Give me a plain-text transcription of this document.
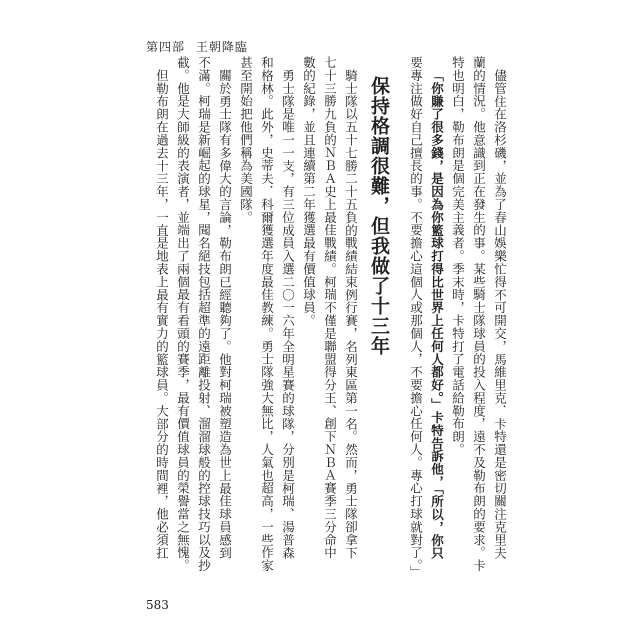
第四部 王朝降臨
儘管住在洛杉磯，並為了春山娛樂忙得不可開交，馬維里克．卡特還是密切關注克里夫
蘭的情況。他意識到正在發生的事。某些騎士隊球員的投入程度，遠不及勒布朗的要求。卡
特也明白，勒布朗是個完美主義者。季末時，卡特打了電話給勒布朗。
「你賺了很多錢，是因為你籃球打得比世界上任何人都好。」卡特告訴他，「所以，你只
要專注做好自己擅長的事。不要擔心這個人或那個人，不要擔心任何人。專心打球就對了。」
保持格調很難，但我做了十三年
騎士隊以五十七勝二十五負的戰績結束例行賽，名列東區第一名。然而，勇士隊卻拿下
七十三勝九負的ＮＢＡ史上最佳戰績。柯瑞不僅是聯盟得分王、創下ＮＢＡ賽季三分命中
數的紀錄，並且連續第二年獲選最有價值球員。
勇士隊是唯一一支，有三位成員入選二〇一六年全明星賽的球隊，分別是柯瑞、湯普森
和格林。此外，史蒂夫．科爾獲選年度最佳教練。勇士隊強大無比，人氣也超高，一些作家
甚至開始把他們稱為美國隊。
關於勇士隊有多偉大的言論，勒布朗已經聽夠了。他對柯瑞被塑造為世上最佳球員感到
不滿。柯瑞是新崛起的球星，聞名絕技包括超準的遠距離投射、溜溜球般的控球技巧以及抄
截。他是大師級的表演者，並端出了兩個最有看頭的賽季，最有價值球員的榮譽當之無愧。
但勒布朗在過去十三年，一直是地表上最有實力的籃球員。大部分的時間裡，他必須扛
583
